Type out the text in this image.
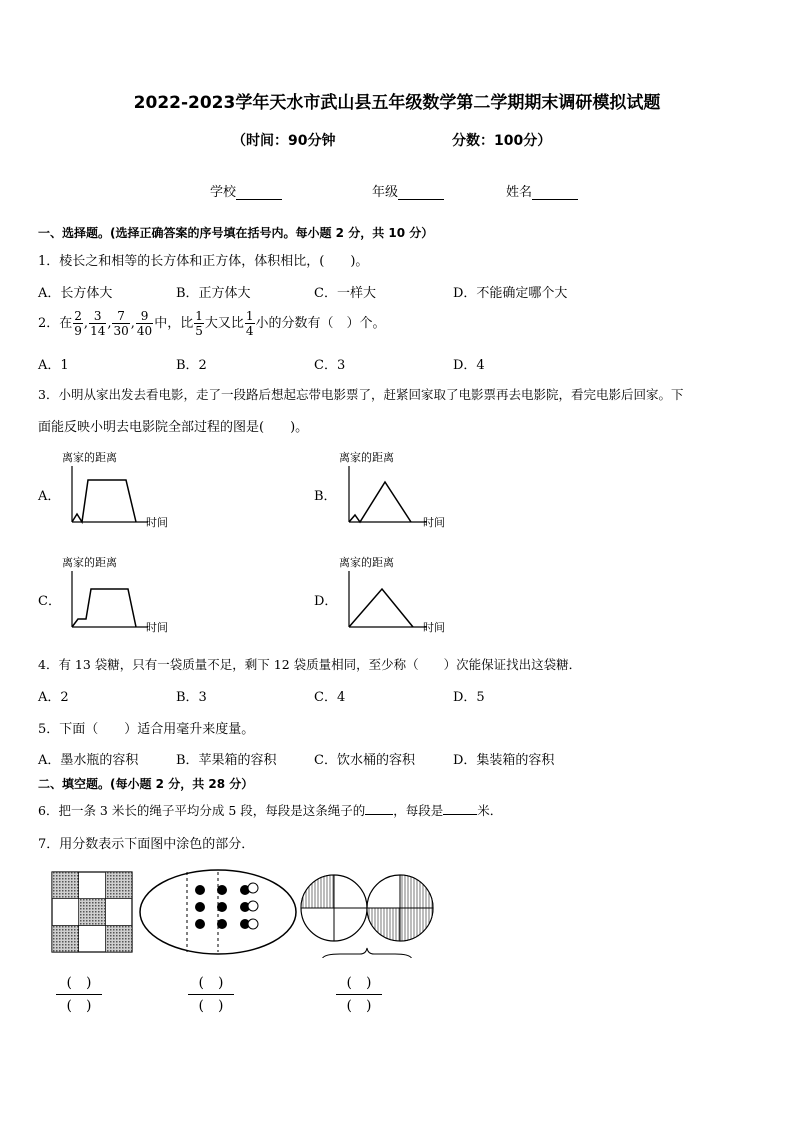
2022-2023学年天水市武山县五年级数学第二学期期末调研模拟试题
（时间：90分钟	分数：100分）
学校	年级	姓名
一、选择题。(选择正确答案的序号填在括号内。每小题 2 分，共 10 分）
1．棱长之和相等的长方体和正方体，体积相比，(　　)。
A．长方体大	B．正方体大	C．一样大	D．不能确定哪个大
2．在 $\frac{2}{9}$ , $\frac{3}{14}$ , $\frac{7}{30}$ , $\frac{9}{40}$ 中，比 $\frac{1}{5}$ 大又比 $\frac{1}{4}$ 小的分数有（　）个。
A．1	B．2	C．3	D．4
3．小明从家出发去看电影，走了一段路后想起忘带电影票了，赶紧回家取了电影票再去电影院，看完电影后回家。下
面能反映小明去电影院全部过程的图是(　　)。
A．
离家的距离
时间
B．
离家的距离
时间
C．
离家的距离
时间
D．
离家的距离
时间
4．有 13 袋糖，只有一袋质量不足，剩下 12 袋质量相同，至少称（　　）次能保证找出这袋糖．
A．2	B．3	C．4	D．5
5．下面（　　）适合用毫升来度量。
A．墨水瓶的容积	B．苹果箱的容积	C．饮水桶的容积	D．集装箱的容积
二、填空题。(每小题 2 分，共 28 分）
6．把一条 3 米长的绳子平均分成 5 段，每段是这条绳子的 ，每段是	米．
7．用分数表示下面图中涂色的部分．
(　)
(　)
(　)
(　)
(　)
(　)
